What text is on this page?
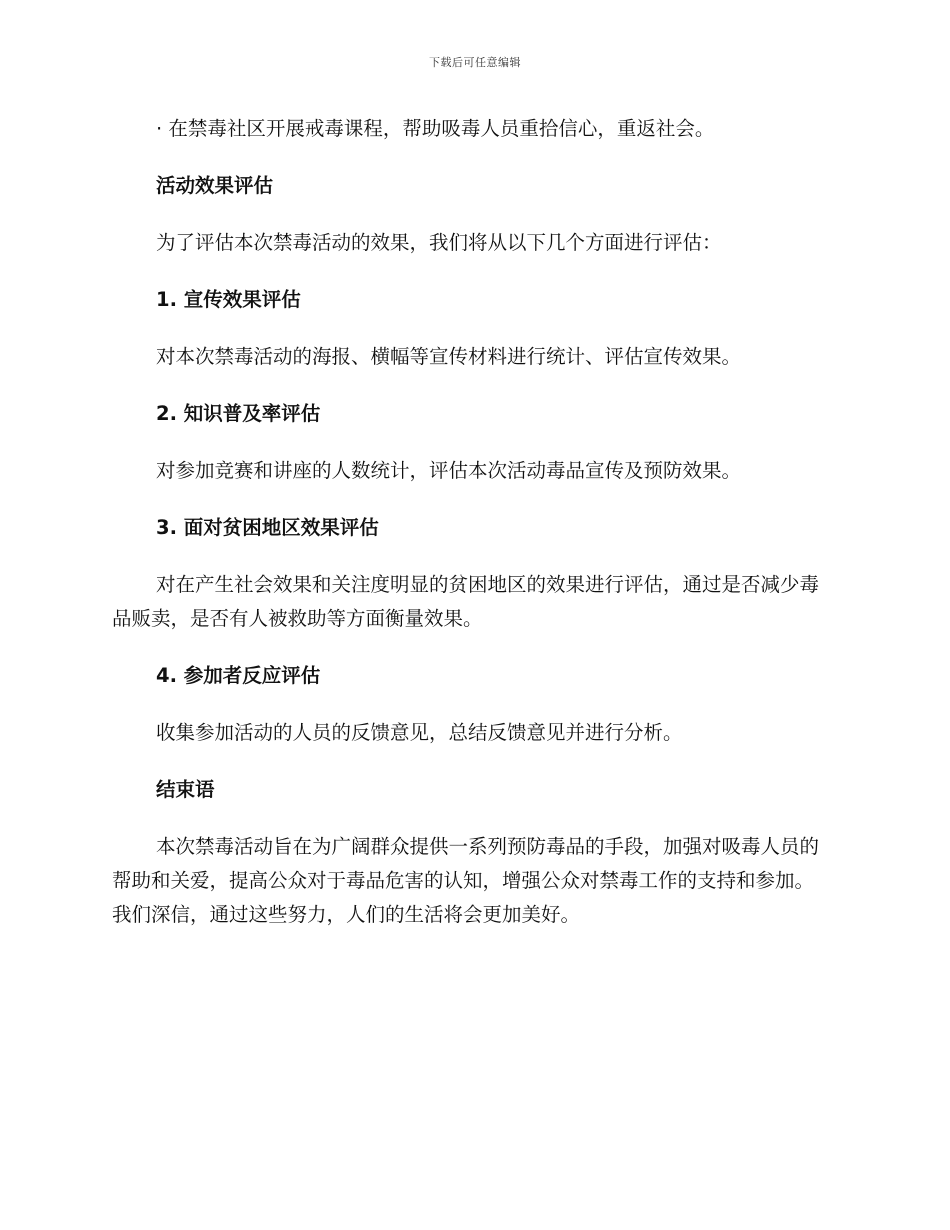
下载后可任意编辑

· 在禁毒社区开展戒毒课程，帮助吸毒人员重拾信心，重返社会。

活动效果评估

为了评估本次禁毒活动的效果，我们将从以下几个方面进行评估：

1. 宣传效果评估

对本次禁毒活动的海报、横幅等宣传材料进行统计、评估宣传效果。

2. 知识普及率评估

对参加竞赛和讲座的人数统计，评估本次活动毒品宣传及预防效果。

3. 面对贫困地区效果评估

对在产生社会效果和关注度明显的贫困地区的效果进行评估，通过是否减少毒品贩卖，是否有人被救助等方面衡量效果。

4. 参加者反应评估

收集参加活动的人员的反馈意见，总结反馈意见并进行分析。

结束语

本次禁毒活动旨在为广阔群众提供一系列预防毒品的手段，加强对吸毒人员的帮助和关爱，提高公众对于毒品危害的认知，增强公众对禁毒工作的支持和参加。我们深信，通过这些努力，人们的生活将会更加美好。
